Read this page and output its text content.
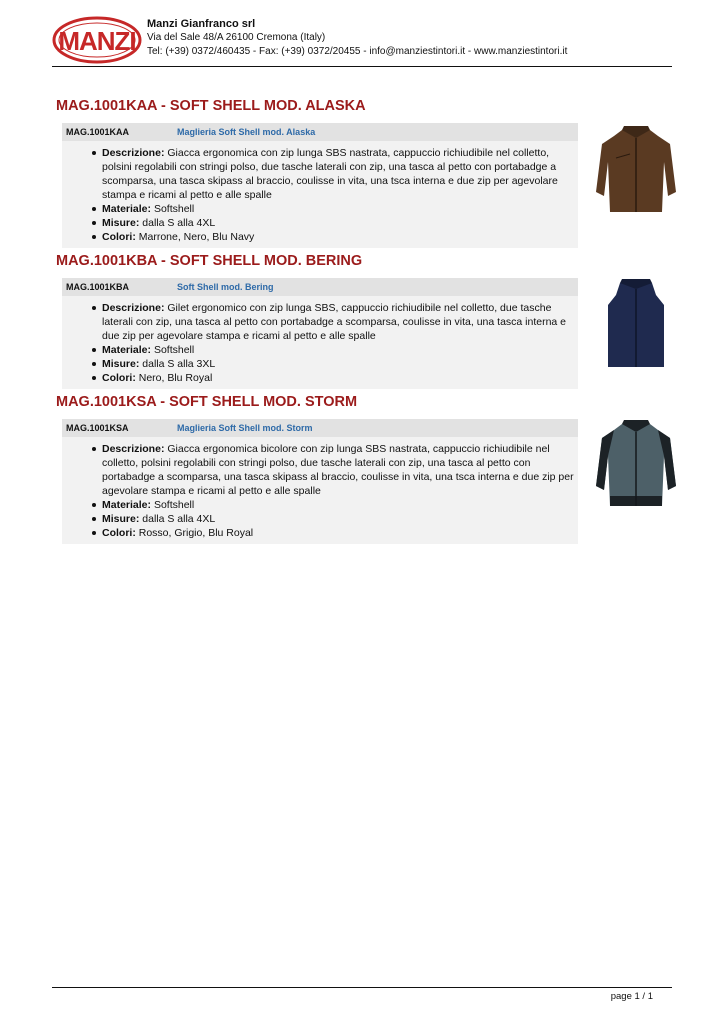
MANZI
Manzi Gianfranco srl
Via del Sale 48/A 26100 Cremona (Italy)
Tel: (+39) 0372/460435 - Fax: (+39) 0372/20455 - info@manziestintori.it - www.manziestintori.it
MAG.1001KAA - SOFT SHELL MOD. ALASKA
MAG.1001KAA	Maglieria Soft Shell mod. Alaska
Descrizione: Giacca ergonomica con zip lunga SBS nastrata, cappuccio richiudibile nel colletto, polsini regolabili con stringi polso, due tasche laterali con zip, una tasca al petto con portabadge a scomparsa, una tasca skipass al braccio, coulisse in vita, una tsca interna e due zip per agevolare stampa e ricami al petto e alle spalle
Materiale: Softshell
Misure: dalla S alla 4XL
Colori: Marrone, Nero, Blu Navy
MAG.1001KBA - SOFT SHELL MOD. BERING
MAG.1001KBA	Soft Shell mod. Bering
Descrizione: Gilet ergonomico con zip lunga SBS, cappuccio richiudibile nel colletto, due tasche laterali con zip, una tasca al petto con portabadge a scomparsa, coulisse in vita, una tasca interna e due zip per agevolare stampa e ricami al petto e alle spalle
Materiale: Softshell
Misure: dalla S alla 3XL
Colori: Nero, Blu Royal
MAG.1001KSA - SOFT SHELL MOD. STORM
MAG.1001KSA	Maglieria Soft Shell mod. Storm
Descrizione: Giacca ergonomica bicolore con zip lunga SBS nastrata, cappuccio richiudibile nel colletto, polsini regolabili con stringi polso, due tasche laterali con zip, una tasca al petto con portabadge a scomparsa, una tasca skipass al braccio, coulisse in vita, una tsca interna e due zip per agevolare stampa e ricami al petto e alle spalle
Materiale: Softshell
Misure: dalla S alla 4XL
Colori: Rosso, Grigio, Blu Royal
page 1 / 1
